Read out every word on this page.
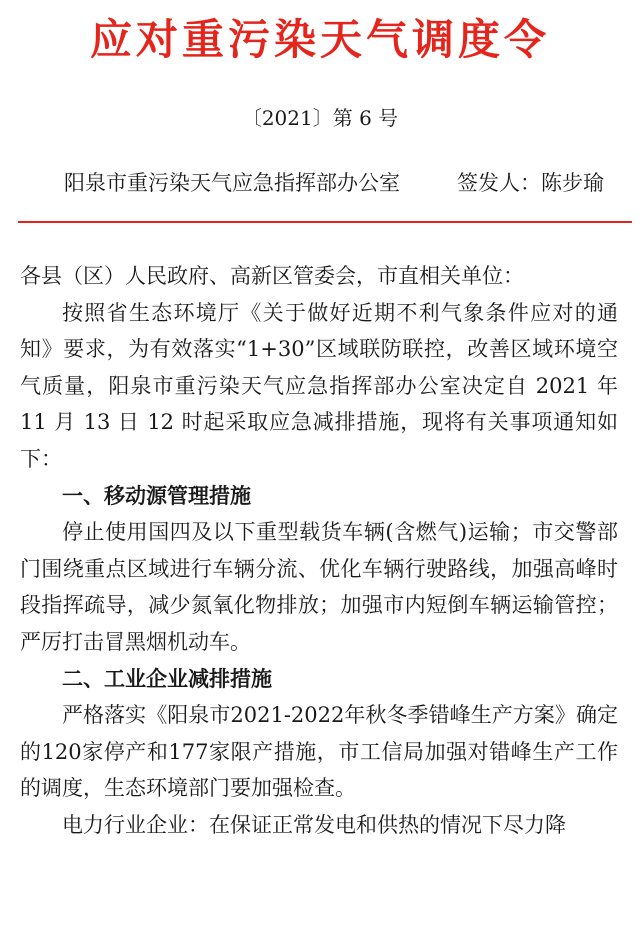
应对重污染天气调度令
〔2021〕第 6 号
阳泉市重污染天气应急指挥部办公室	签发人：陈步瑜

各县（区）人民政府、高新区管委会，市直相关单位：

按照省生态环境厅《关于做好近期不利气象条件应对的通知》要求，为有效落实“1+30”区域联防联控，改善区域环境空气质量，阳泉市重污染天气应急指挥部办公室决定自 2021 年 11 月 13 日 12 时起采取应急减排措施，现将有关事项通知如下：

一、移动源管理措施

停止使用国四及以下重型载货车辆(含燃气)运输；市交警部门围绕重点区域进行车辆分流、优化车辆行驶路线，加强高峰时段指挥疏导，减少氮氧化物排放；加强市内短倒车辆运输管控；严厉打击冒黑烟机动车。

二、工业企业减排措施

严格落实《阳泉市2021-2022年秋冬季错峰生产方案》确定的120家停产和177家限产措施，市工信局加强对错峰生产工作的调度，生态环境部门要加强检查。

电力行业企业：在保证正常发电和供热的情况下尽力降
